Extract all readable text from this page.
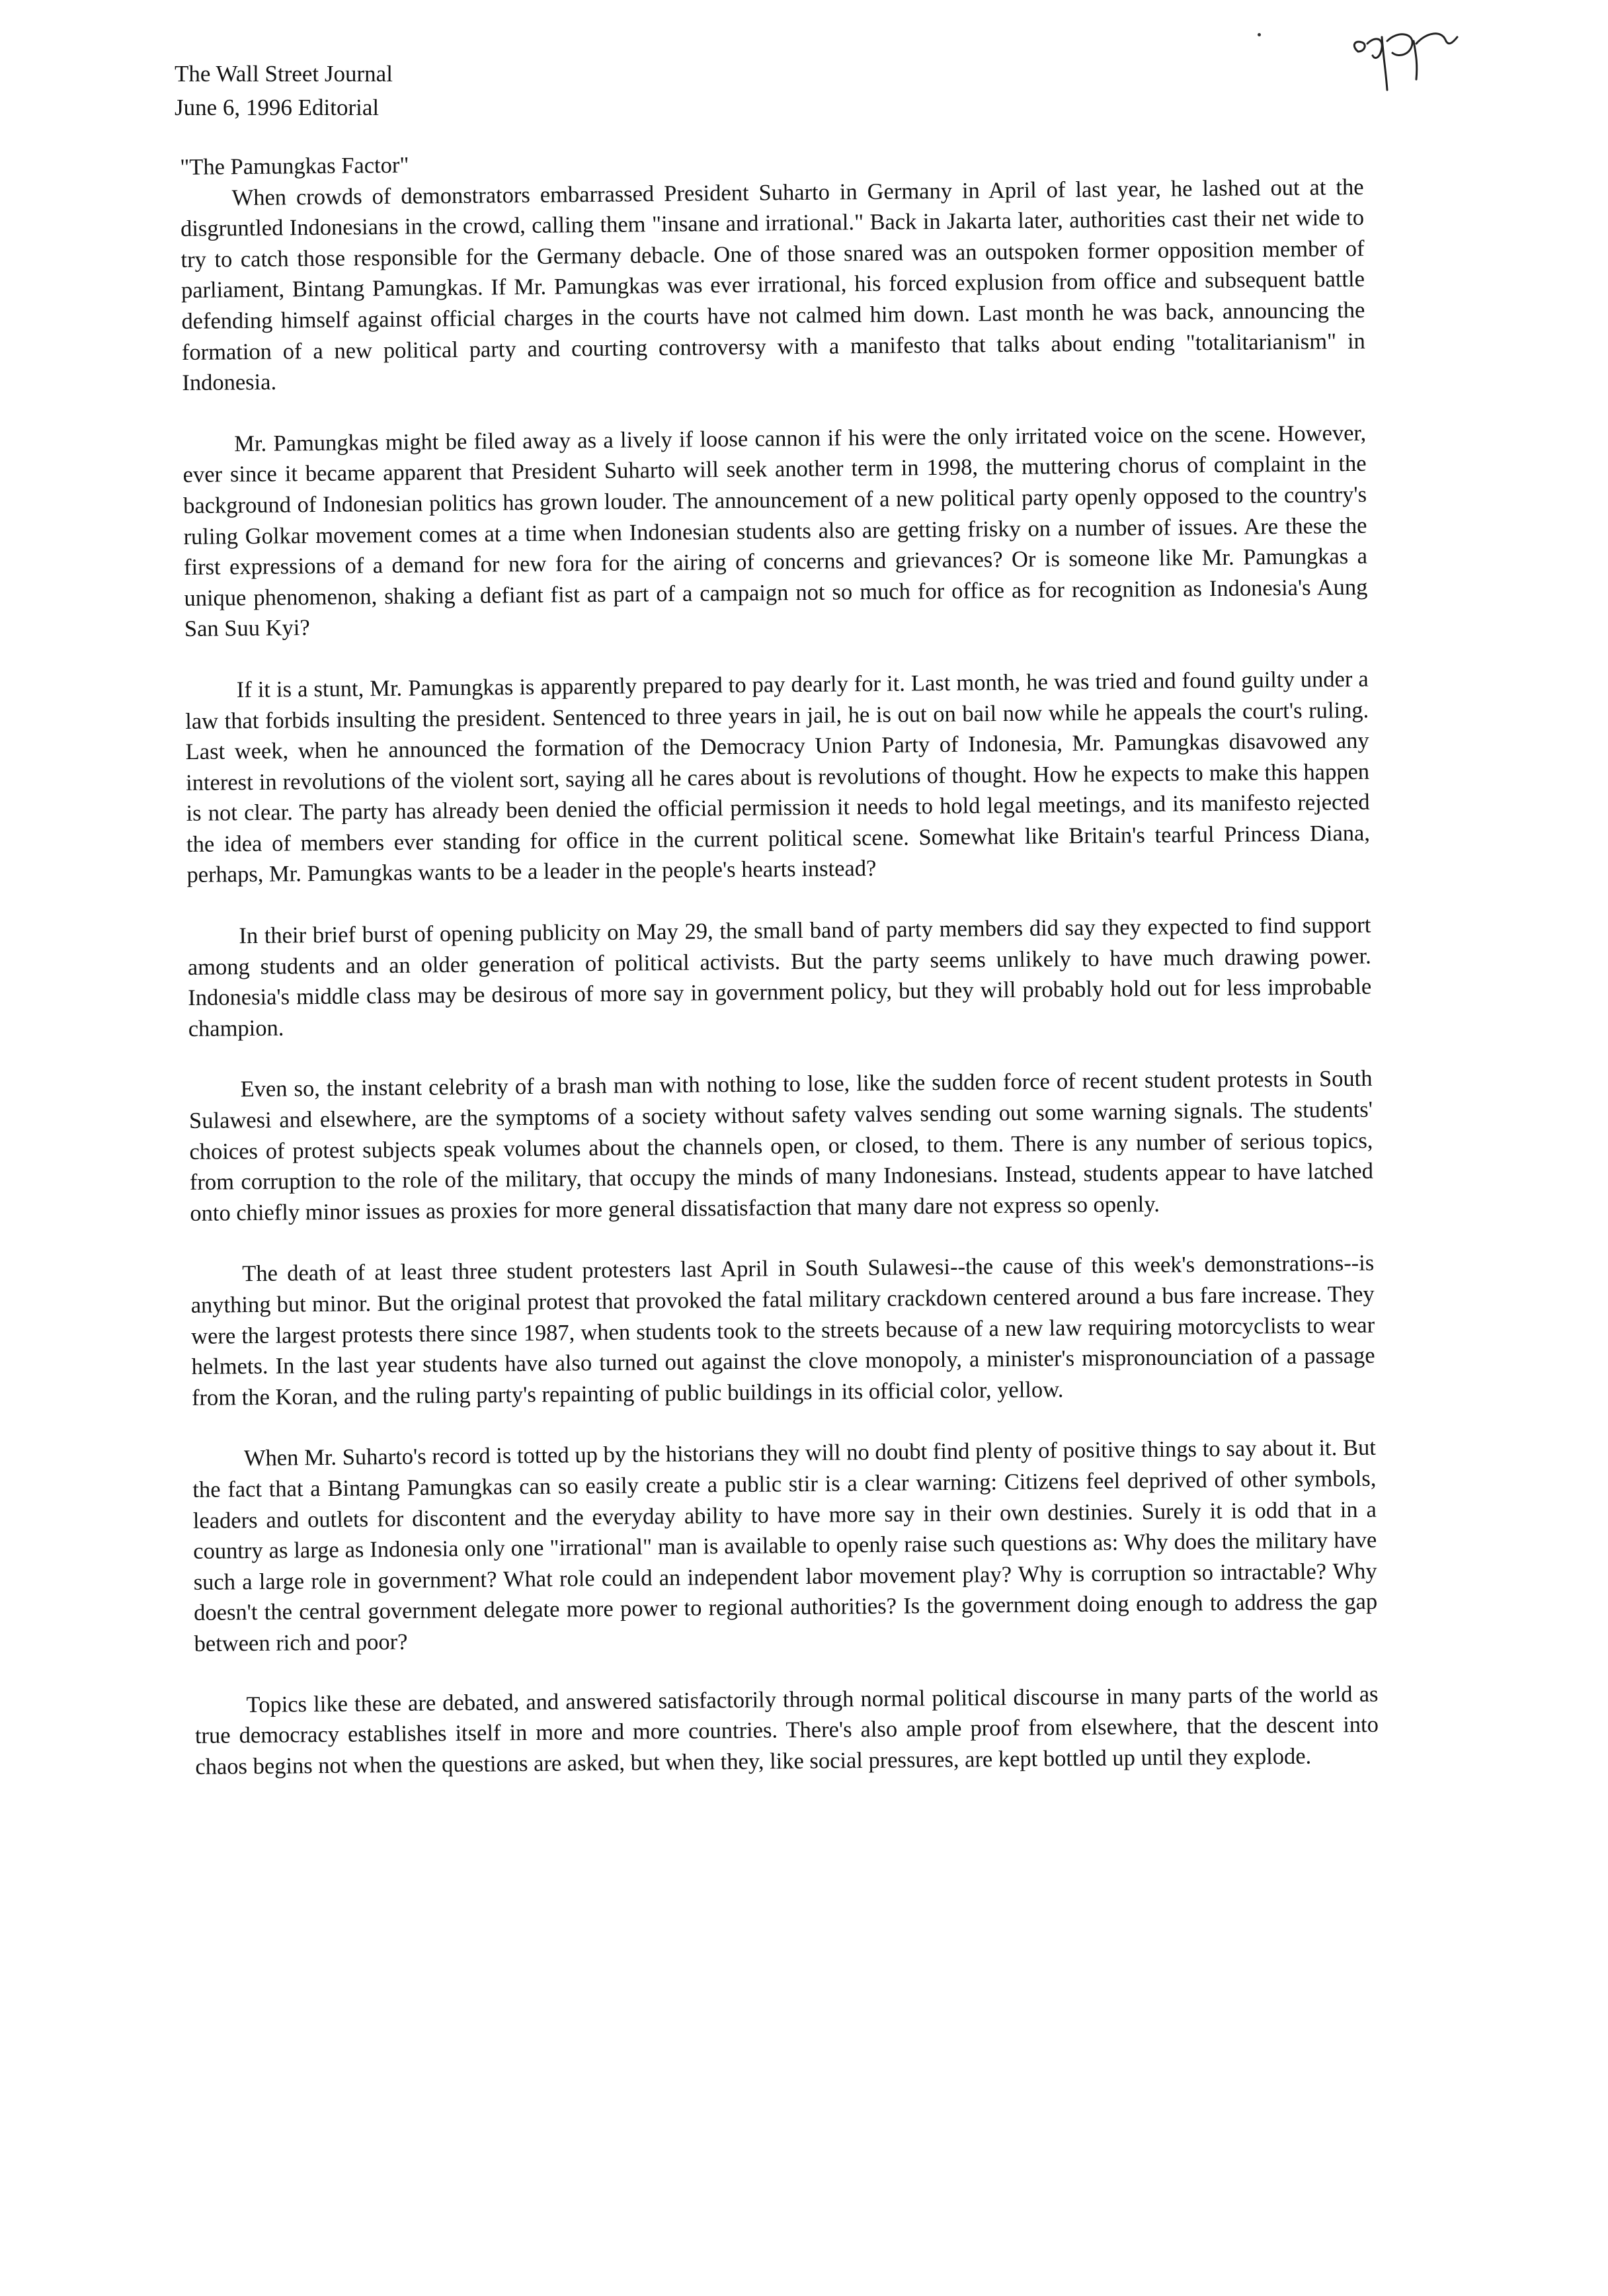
The Wall Street Journal
June 6, 1996 Editorial

"The Pamungkas Factor"

When crowds of demonstrators embarrassed President Suharto in Germany in April of last year, he lashed out at the disgruntled Indonesians in the crowd, calling them "insane and irrational." Back in Jakarta later, authorities cast their net wide to try to catch those responsible for the Germany debacle. One of those snared was an outspoken former opposition member of parliament, Bintang Pamungkas. If Mr. Pamungkas was ever irrational, his forced explusion from office and subsequent battle defending himself against official charges in the courts have not calmed him down. Last month he was back, announcing the formation of a new political party and courting controversy with a manifesto that talks about ending "totalitarianism" in Indonesia.

Mr. Pamungkas might be filed away as a lively if loose cannon if his were the only irritated voice on the scene. However, ever since it became apparent that President Suharto will seek another term in 1998, the muttering chorus of complaint in the background of Indonesian politics has grown louder. The announcement of a new political party openly opposed to the country's ruling Golkar movement comes at a time when Indonesian students also are getting frisky on a number of issues. Are these the first expressions of a demand for new fora for the airing of concerns and grievances? Or is someone like Mr. Pamungkas a unique phenomenon, shaking a defiant fist as part of a campaign not so much for office as for recognition as Indonesia's Aung San Suu Kyi?

If it is a stunt, Mr. Pamungkas is apparently prepared to pay dearly for it. Last month, he was tried and found guilty under a law that forbids insulting the president. Sentenced to three years in jail, he is out on bail now while he appeals the court's ruling. Last week, when he announced the formation of the Democracy Union Party of Indonesia, Mr. Pamungkas disavowed any interest in revolutions of the violent sort, saying all he cares about is revolutions of thought. How he expects to make this happen is not clear. The party has already been denied the official permission it needs to hold legal meetings, and its manifesto rejected the idea of members ever standing for office in the current political scene. Somewhat like Britain's tearful Princess Diana, perhaps, Mr. Pamungkas wants to be a leader in the people's hearts instead?

In their brief burst of opening publicity on May 29, the small band of party members did say they expected to find support among students and an older generation of political activists. But the party seems unlikely to have much drawing power. Indonesia's middle class may be desirous of more say in government policy, but they will probably hold out for less improbable champion.

Even so, the instant celebrity of a brash man with nothing to lose, like the sudden force of recent student protests in South Sulawesi and elsewhere, are the symptoms of a society without safety valves sending out some warning signals. The students' choices of protest subjects speak volumes about the channels open, or closed, to them. There is any number of serious topics, from corruption to the role of the military, that occupy the minds of many Indonesians. Instead, students appear to have latched onto chiefly minor issues as proxies for more general dissatisfaction that many dare not express so openly.

The death of at least three student protesters last April in South Sulawesi--the cause of this week's demonstrations--is anything but minor. But the original protest that provoked the fatal military crackdown centered around a bus fare increase. They were the largest protests there since 1987, when students took to the streets because of a new law requiring motorcyclists to wear helmets. In the last year students have also turned out against the clove monopoly, a minister's mispronounciation of a passage from the Koran, and the ruling party's repainting of public buildings in its official color, yellow.

When Mr. Suharto's record is totted up by the historians they will no doubt find plenty of positive things to say about it. But the fact that a Bintang Pamungkas can so easily create a public stir is a clear warning: Citizens feel deprived of other symbols, leaders and outlets for discontent and the everyday ability to have more say in their own destinies. Surely it is odd that in a country as large as Indonesia only one "irrational" man is available to openly raise such questions as: Why does the military have such a large role in government? What role could an independent labor movement play? Why is corruption so intractable? Why doesn't the central government delegate more power to regional authorities? Is the government doing enough to address the gap between rich and poor?

Topics like these are debated, and answered satisfactorily through normal political discourse in many parts of the world as true democracy establishes itself in more and more countries. There's also ample proof from elsewhere, that the descent into chaos begins not when the questions are asked, but when they, like social pressures, are kept bottled up until they explode.
